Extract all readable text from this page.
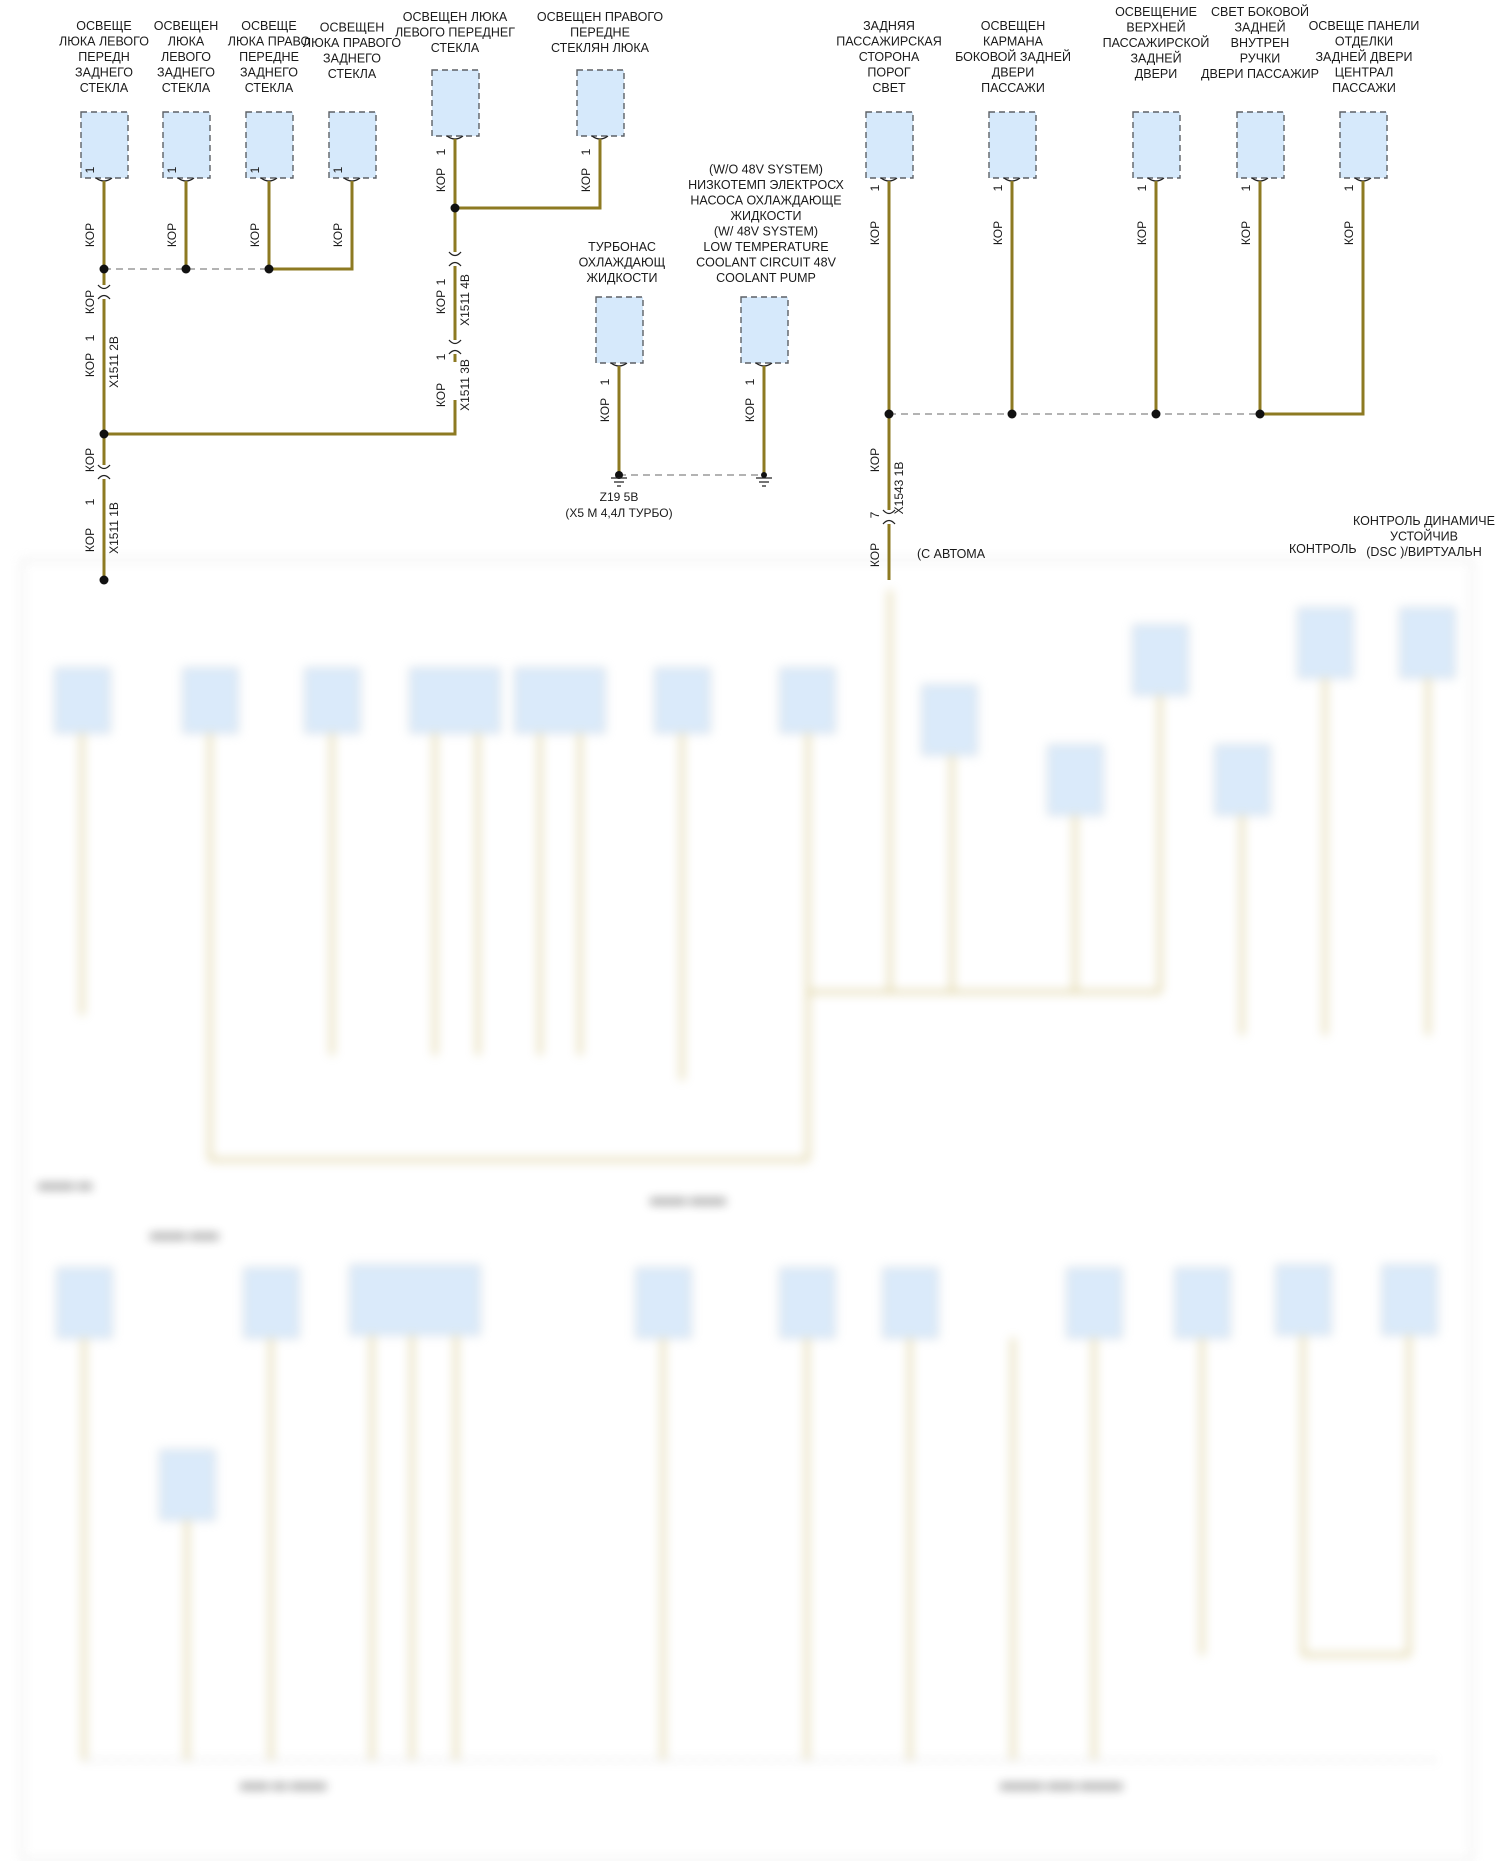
■■■■■ ■■
■■■■■ ■■■■
■■■■■ ■■■■■
■■■■■■ ■■■■ ■■■■■■
■■■■ ■■ ■■■■■
ОСВЕЩЕ ЛЮКА ЛЕВОГО ПЕРЕДН ЗАДНЕГО СТЕКЛА
ОСВЕЩЕН ЛЮКА ЛЕВОГО ЗАДНЕГО СТЕКЛА
ОСВЕЩЕ ЛЮКА ПРАВО ПЕРЕДНЕ ЗАДНЕГО СТЕКЛА
ОСВЕЩЕН ЛЮКА ПРАВОГО ЗАДНЕГО СТЕКЛА
ОСВЕЩЕН ЛЮКА ЛЕВОГО ПЕРЕДНЕГ СТЕКЛА
ОСВЕЩЕН ПРАВОГО ПЕРЕДНЕ СТЕКЛЯН ЛЮКА
ТУРБОНАС ОХЛАЖДАЮЩ ЖИДКОСТИ
(W/O 48V SYSTEM) НИЗКОТЕМП ЭЛЕКТРОСХ НАСОСА ОХЛАЖДАЮЩЕ ЖИДКОСТИ (W/ 48V SYSTEM) LOW TEMPERATURE COOLANT CIRCUIT 48V COOLANT PUMP
ЗАДНЯЯ ПАССАЖИРСКАЯ СТОРОНА ПОРОГ СВЕТ
ОСВЕЩЕН КАРМАНА БОКОВОЙ ЗАДНЕЙ ДВЕРИ ПАССАЖИ
ОСВЕЩЕНИЕ ВЕРХНЕЙ ПАССАЖИРСКОЙ ЗАДНЕЙ ДВЕРИ
СВЕТ БОКОВОЙ ЗАДНЕЙ ВНУТРЕН РУЧКИ ДВЕРИ ПАССАЖИР
ОСВЕЩЕ ПАНЕЛИ ОТДЕЛКИ ЗАДНЕЙ ДВЕРИ ЦЕНТРАЛ ПАССАЖИ
Z19 5B
(X5 M 4,4Л ТУРБО)
1
КОР
1
КОР
1
КОР
1
КОР
1
КОР
1
КОР
1
КОР
1
КОР
1
КОР
1
КОР
1
КОР
1
КОР
1
КОР
1 X1511 2B
1 X1511 4B
1
X1511 3B
1
X1511 1B	7
X1543 1B
КОР
КОР
КОР
КОР
КОР
КОР
КОР
КОР
(С АВТОМА	КОНТРОЛЬ
КОНТРОЛЬ ДИНАМИЧЕ УСТОЙЧИВ (DSC )/ВИРТУАЛЬН
